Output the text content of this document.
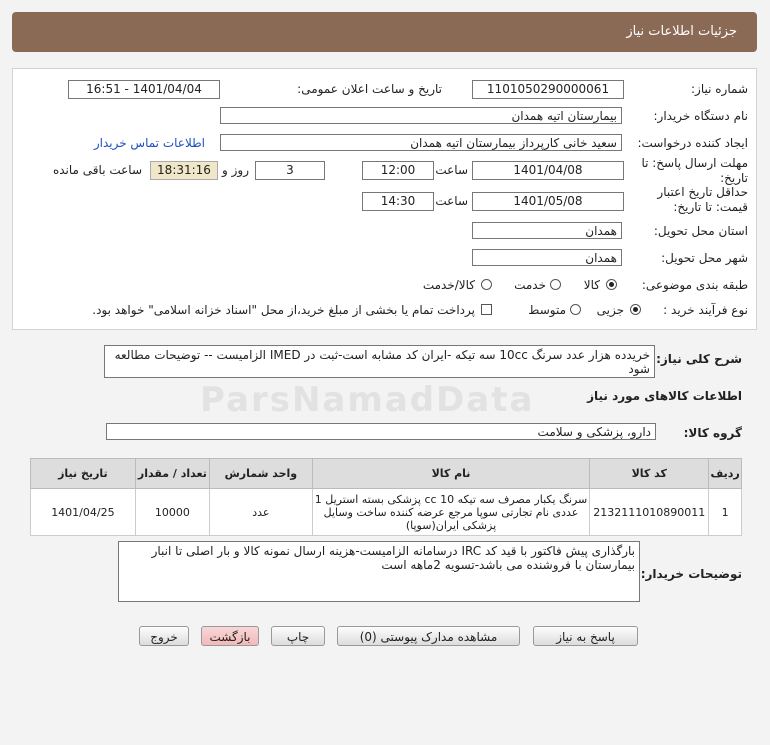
جزئیات اطلاعات نیاز
شماره نیاز:
1101050290000061
تاریخ و ساعت اعلان عمومی:
1401/04/04 - 16:51
نام دستگاه خریدار:
بیمارستان اتیه همدان
ایجاد کننده درخواست:
سعید خانی کارپرداز بیمارستان اتیه همدان
اطلاعات تماس خریدار
مهلت ارسال پاسخ: تا تاریخ:
1401/04/08
ساعت
12:00
3
روز و
18:31:16
ساعت باقی مانده
حداقل تاریخ اعتبار قیمت: تا تاریخ:
1401/05/08
ساعت
14:30
استان محل تحویل:
همدان
شهر محل تحویل:
همدان
طبقه بندی موضوعی:
کالا
خدمت
کالا/خدمت
نوع فرآیند خرید :
جزیی
متوسط
پرداخت تمام یا بخشی از مبلغ خرید،از محل "اسناد خزانه اسلامی" خواهد بود.
شرح کلی نیاز:
خریدده هزار عدد سرنگ 10cc سه تیکه -ایران کد مشابه است-ثبت در IMED الزامیست -- توضیحات مطالعه شود
اطلاعات کالاهای مورد نیاز
گروه کالا:
دارو، پزشکی و سلامت
ParsNamadData
ردیف	کد کالا	نام کالا	واحد شمارش	تعداد / مقدار	تاریخ نیاز
1	2132111010890011	سرنگ یکبار مصرف سه تیکه cc 10 پزشکی بسته استریل 1 عددی نام تجارتی سوپا مرجع عرضه کننده ساخت وسایل پزشکی ایران(سوپا)	عدد	10000	1401/04/25
توضیحات خریدار:
بارگذاری پیش فاکتور با قید کد IRC درسامانه الزامیست-هزینه ارسال نمونه کالا و بار اصلی تا انبار بیمارستان با فروشنده می باشد-تسویه 2ماهه است
پاسخ به نیاز
مشاهده مدارک پیوستی (0)
چاپ
بازگشت
خروج
